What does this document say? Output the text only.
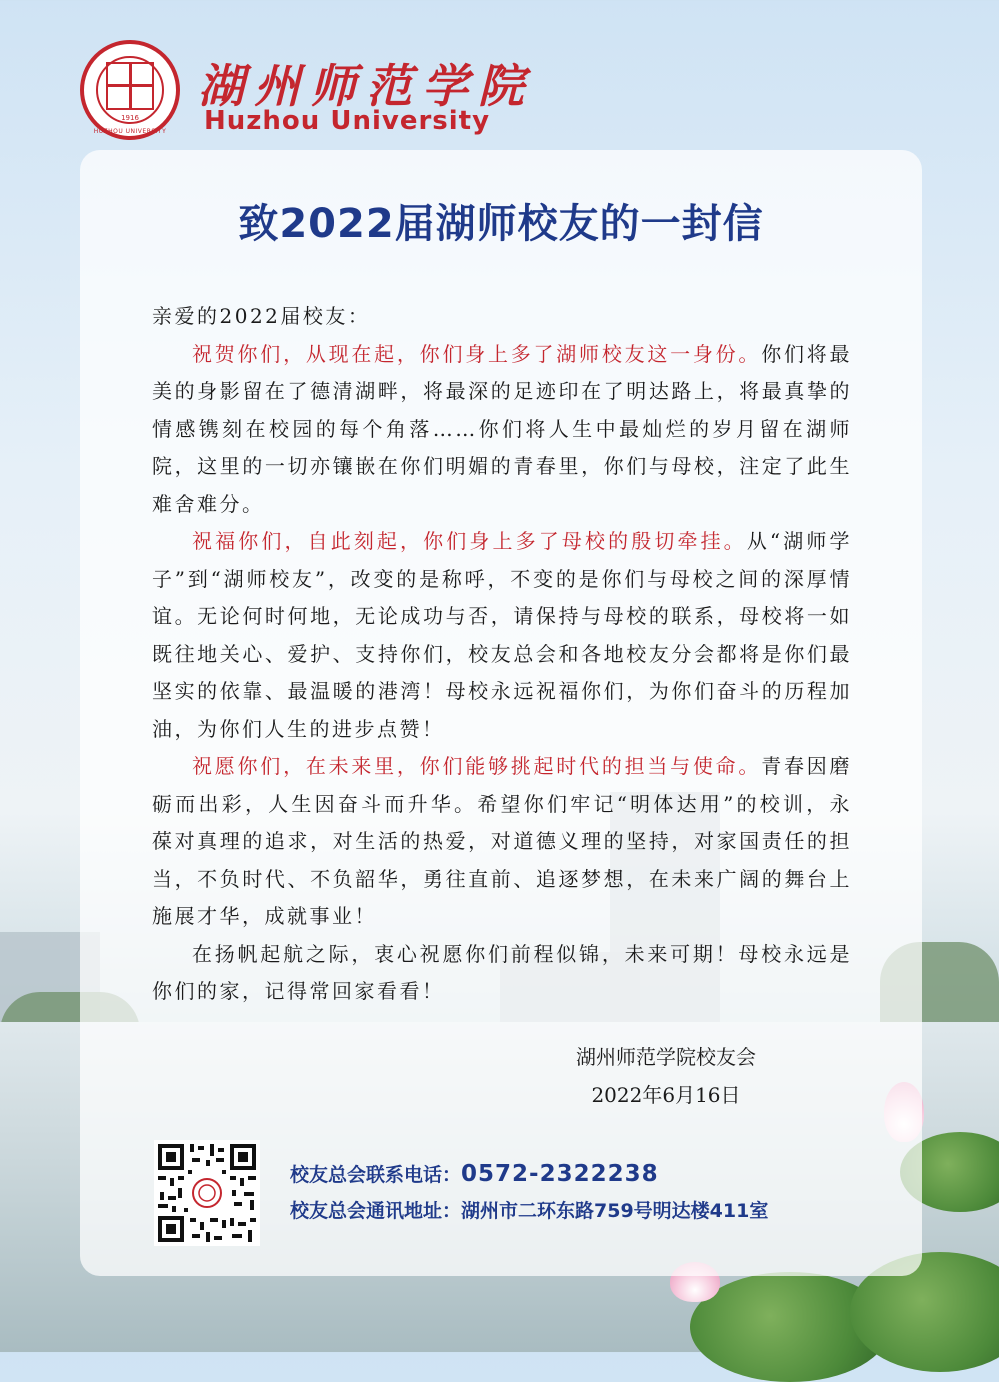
1916
HUZHOU UNIVERSITY
湖州师范学院
Huzhou University
致2022届湖师校友的一封信

亲爱的2022届校友：

祝贺你们，从现在起，你们身上多了湖师校友这一身份。你们将最美的身影留在了德清湖畔，将最深的足迹印在了明达路上，将最真挚的情感镌刻在校园的每个角落……你们将人生中最灿烂的岁月留在湖师院，这里的一切亦镶嵌在你们明媚的青春里，你们与母校，注定了此生难舍难分。

祝福你们，自此刻起，你们身上多了母校的殷切牵挂。从“湖师学子”到“湖师校友”，改变的是称呼，不变的是你们与母校之间的深厚情谊。无论何时何地，无论成功与否，请保持与母校的联系，母校将一如既往地关心、爱护、支持你们，校友总会和各地校友分会都将是你们最坚实的依靠、最温暖的港湾！母校永远祝福你们，为你们奋斗的历程加油，为你们人生的进步点赞！

祝愿你们，在未来里，你们能够挑起时代的担当与使命。青春因磨砺而出彩，人生因奋斗而升华。希望你们牢记“明体达用”的校训，永葆对真理的追求，对生活的热爱，对道德义理的坚持，对家国责任的担当，不负时代、不负韶华，勇往直前、追逐梦想，在未来广阔的舞台上施展才华，成就事业！

在扬帆起航之际，衷心祝愿你们前程似锦，未来可期！母校永远是你们的家，记得常回家看看！

湖州师范学院校友会
2022年6月16日
校友总会联系电话：0572-2322238
校友总会通讯地址：湖州市二环东路759号明达楼411室
